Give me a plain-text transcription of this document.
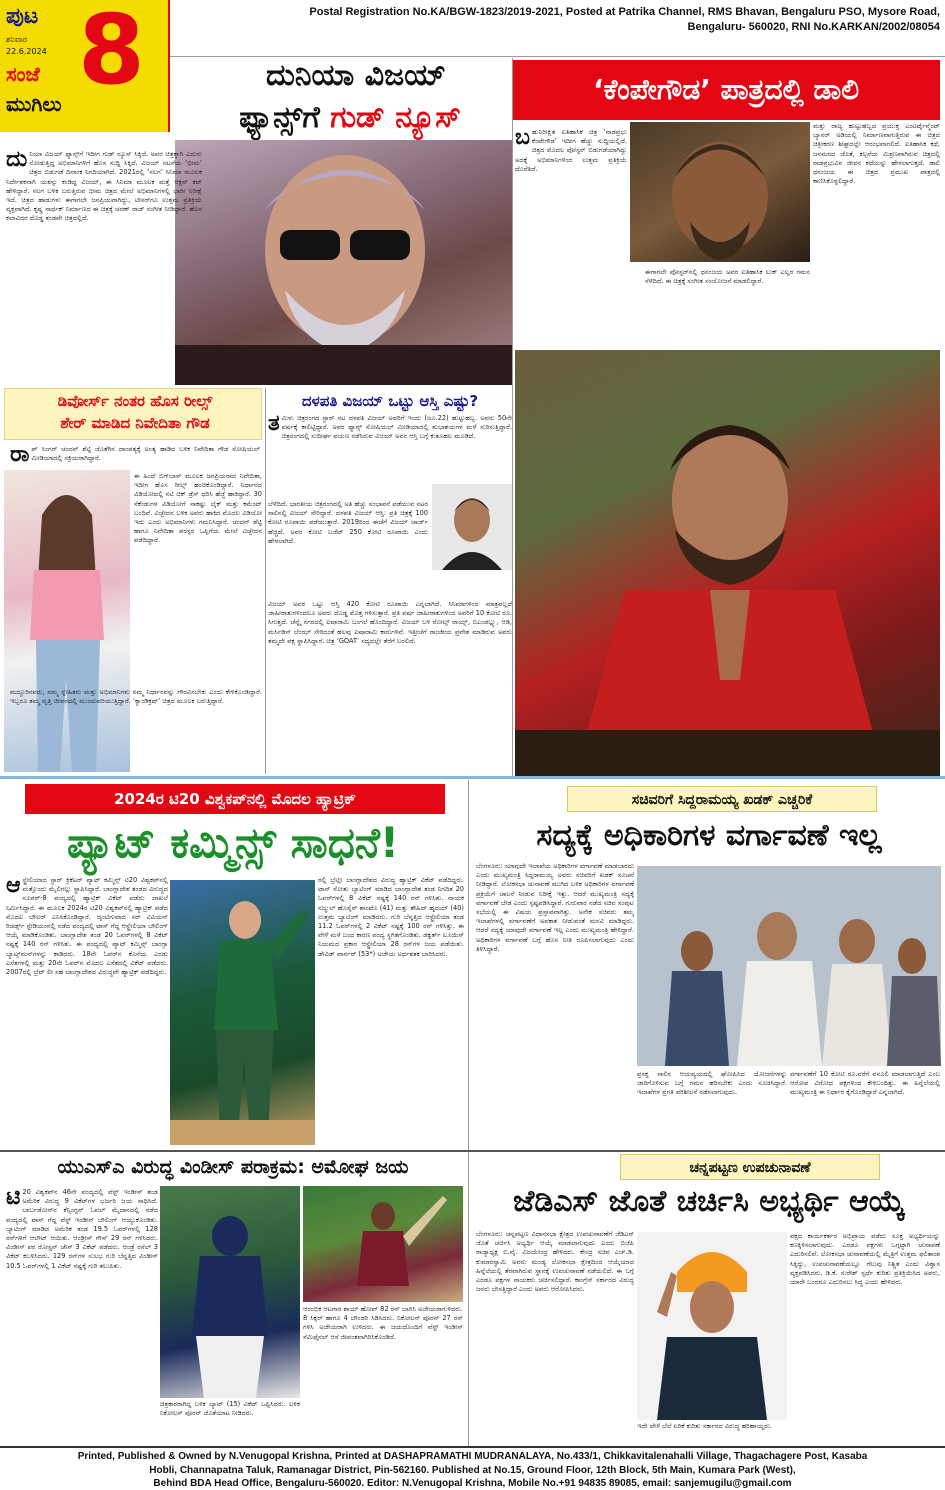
ಪುಟ
ಶನಿವಾರ
22.6.2024 8
ಸಂಜೆ
ಮುಗಿಲು
Postal Registration No.KA/BGW-1823/2019-2021, Posted at Patrika Channel, RMS Bhavan, Bengaluru PSO, Mysore Road,
Bengaluru- 560020, RNI No.KARKAN/2002/08054
ದುನಿಯಾ ವಿಜಯ್
ಫ್ಯಾನ್ಸ್‌ಗೆ ಗುಡ್ ನ್ಯೂಸ್
ದು ನಿಯಾ ವಿಜಯ್ ಫ್ಯಾನ್ಸ್‌ಗೆ ಇದೀಗ ಗುಡ್ ನ್ಯೂಸ್ ಸಿಕ್ಕಿದೆ. ಅವರ ಚಿತ್ರಕ್ಕಾಗಿ ಎದುರು ನೋಡುತ್ತಿದ್ದ ಅಭಿಮಾನಿಗಳಿಗೆ ಹೊಸ ಸುದ್ದಿ ಸಿಕ್ಕಿದೆ. ವಿಜಯ್ ನಟನೆಯ ‘ಭೀಮ’ ಚಿತ್ರದ ಬಿಡುಗಡೆ ದಿನಾಂಕ ನಿಗದಿಯಾಗಿದೆ. 2021ರಲ್ಲಿ ‘ಸಲಗ’ ಸಿನಿಮಾ ಮೂಲಕ ನಿರ್ದೇಶಕನಾಗಿ ಯಶಸ್ಸು ಕಂಡಿದ್ದ ವಿಜಯ್, ಈ ಸಿನಿಮಾ ಮೂಲಕ ಮತ್ತೆ ಆಕ್ಷನ್ ಕಟ್ ಹೇಳಿದ್ದಾರೆ. ಸಲಗ ಬಳಿಕ ಬರುತ್ತಿರುವ ಭೀಮ ಚಿತ್ರದ ಮೇಲೆ ಅಭಿಮಾನಿಗಳಲ್ಲಿ ಭಾರೀ ನಿರೀಕ್ಷೆ ಇದೆ. ಚಿತ್ರದ ಹಾಡುಗಳು ಈಗಾಗಲೇ ಜನಪ್ರಿಯವಾಗಿದ್ದು, ಟೀಸರ್‌ಗೂ ಉತ್ತಮ ಪ್ರತಿಕ್ರಿಯೆ ವ್ಯಕ್ತವಾಗಿದೆ. ಕೃಷ್ಣ ಸಾರ್ಥಕ್ ನಿರ್ಮಾಣದ ಈ ಚಿತ್ರಕ್ಕೆ ಚರಣ್ ರಾಜ್ ಸಂಗೀತ ನೀಡಿದ್ದಾರೆ. ಹೊಸ ಕಲಾವಿದರ ದೊಡ್ಡ ತಂಡವೇ ಚಿತ್ರದಲ್ಲಿದೆ.
‘ಕೆಂಪೇಗೌಡ’ ಪಾತ್ರದಲ್ಲಿ ಡಾಲಿ
ಬ ಹುನಿರೀಕ್ಷಿತ ಐತಿಹಾಸಿಕ ಚಿತ್ರ ‘ನಾಡಪ್ರಭು ಕೆಂಪೇಗೌಡ’ ಇದೀಗ ಹೆಚ್ಚು ಸುದ್ದಿಯಲ್ಲಿದೆ. ಚಿತ್ರದ ಮೊದಲ ಪೋಸ್ಟರ್ ಬಿಡುಗಡೆಯಾಗಿದ್ದು ಅದಕ್ಕೆ ಅಭಿಮಾನಿಗಳಿಂದ ಉತ್ತಮ ಪ್ರತಿಕ್ರಿಯೆ ದೊರೆತಿದೆ.
ಮತ್ತು ರಾಜ್ಯ ಹುಟ್ಟುಹಬ್ಬದ ಪ್ರಯುಕ್ತ ಎಂಟರ್ಟೈನ್ಮೆಂಟ್ ಬ್ಯಾನರ್ ಅಡಿಯಲ್ಲಿ ನಿರ್ಮಾಣವಾಗುತ್ತಿರುವ ಈ ಚಿತ್ರದ ಚಿತ್ರೀಕರಣ ಶೀಘ್ರದಲ್ಲೇ ಆರಂಭವಾಗಲಿದೆ. ಐತಿಹಾಸಿಕ ಕಥೆ, ಜನಮನದ ಜೊತೆ, ಕಲ್ಪನೆಯ ಮಿಶ್ರಣವಾಗಿರುವ ಚಿತ್ರದಲ್ಲಿ ನಾಡಪ್ರಭುವಿನ ಜೀವನ ಕಥೆಯನ್ನು ಹೇಳಲಾಗುತ್ತದೆ. ಡಾಲಿ ಧನಂಜಯ ಈ ಚಿತ್ರದ ಪ್ರಮುಖ ಪಾತ್ರದಲ್ಲಿ ಕಾಣಿಸಿಕೊಳ್ಳಲಿದ್ದಾರೆ.
ಈಗಾಗಲೇ ಪೋಸ್ಟರ್‌ನಲ್ಲಿ ಧನಂಜಯ ಅವರ ಐತಿಹಾಸಿಕ ಲುಕ್ ಎಲ್ಲರ ಗಮನ ಸೆಳೆದಿದೆ. ಈ ಚಿತ್ರಕ್ಕೆ ಸಂಗೀತ ಸಂಯೋಜನೆ ಮಾಡಲಿದ್ದಾರೆ.
ಡಿವೋರ್ಸ್ ನಂತರ ಹೊಸ ರೀಲ್ಸ್
ಶೇರ್ ಮಾಡಿದ ನಿವೇದಿತಾ ಗೌಡ
ರಾ ಪ್ ಸಿಂಗರ್ ಚಂದನ್ ಶೆಟ್ಟಿ ಜೊತೆಗಿನ ದಾಂಪತ್ಯಕ್ಕೆ ಅಂತ್ಯ ಹಾಡಿದ ಬಳಿಕ ನಿವೇದಿತಾ ಗೌಡ ಸೋಷಿಯಲ್ ಮೀಡಿಯಾದಲ್ಲಿ ಸಕ್ರಿಯರಾಗಿದ್ದಾರೆ.
ಈ ಹಿಂದೆ ಬಿಗ್‌ಬಾಸ್ ಮೂಲಕ ಜನಪ್ರಿಯರಾದ ನಿವೇದಿತಾ, ಇದೀಗ ಹೊಸ ರೀಲ್ಸ್ ಹಂಚಿಕೊಂಡಿದ್ದಾರೆ. ನಿರ್ಧಾರದ ವಿಡಿಯೋದಲ್ಲಿ ನಟಿ ಚಿಕ್ ಡ್ರೆಸ್ ಧರಿಸಿ ಹೆಜ್ಜೆ ಹಾಕಿದ್ದಾರೆ. 30 ಸೆಕೆಂಡುಗಳ ವಿಡಿಯೋಗೆ ಸಾಕಷ್ಟು ಲೈಕ್ ಮತ್ತು ಕಮೆಂಟ್ ಬಂದಿವೆ. ವಿಚ್ಛೇದನ ಬಳಿಕ ಅವರು ಹಾಕಿದ ಮೊದಲ ವಿಡಿಯೋ ಇದು ಎಂದು ಅಭಿಮಾನಿಗಳು ಗಮನಿಸಿದ್ದಾರೆ. ಚಂದನ್ ಶೆಟ್ಟಿ ಹಾಗೂ ನಿವೇದಿತಾ ಪರಸ್ಪರ ಒಪ್ಪಿಗೆಯ ಮೇಲೆ ವಿಚ್ಛೇದನ ಪಡೆದಿದ್ದಾರೆ.
ಮದ್ದೂರಿನವರು, ನಮ್ಮ ಸ್ನೇಹಿತರು ಮತ್ತು ಅಭಿಮಾನಿಗಳು ನಮ್ಮ ನಿರ್ಧಾರವನ್ನು ಗೌರವಿಸಬೇಕು ಎಂದು ಕೇಳಿಕೊಂಡಿದ್ದಾರೆ. ಇಬ್ಬರೂ ತಮ್ಮ ವೃತ್ತಿ ಜೀವನದಲ್ಲಿ ಮುಂದುವರಿಯುತ್ತಿದ್ದಾರೆ. ‘ಕ್ಯಾಂಡಿಕ್ರಷ್’ ಚಿತ್ರದ ಮೂಲಕ ಬರುತ್ತಿದ್ದಾರೆ.
ದಳಪತಿ ವಿಜಯ್ ಒಟ್ಟು ಆಸ್ತಿ ಎಷ್ಟು?
ತ ಮಿಳು ಚಿತ್ರರಂಗದ ಸ್ಟಾರ್ ನಟ ದಳಪತಿ ವಿಜಯ್ ಅವರಿಗೆ ಇಂದು (ಜೂ.22) ಹುಟ್ಟುಹಬ್ಬ. ಅವರು 50ನೇ ವರ್ಷಕ್ಕೆ ಕಾಲಿಟ್ಟಿದ್ದಾರೆ. ಅವರ ಫ್ಯಾನ್ಸ್ ಸೋಷಿಯಲ್ ಮೀಡಿಯಾದಲ್ಲಿ ಶುಭಾಶಯಗಳ ಮಳೆ ಸುರಿಸುತ್ತಿದ್ದಾರೆ. ಚಿತ್ರರಂಗದಲ್ಲಿ ಸುದೀರ್ಘ ಪಯಣ ನಡೆಸಿರುವ ವಿಜಯ್ ಅವರ ಆಸ್ತಿ ಬಗ್ಗೆ ಕುತೂಹಲ ಮೂಡಿದೆ.
ಬೆಳೆದಿದೆ. ಭಾರತೀಯ ಚಿತ್ರರಂಗದಲ್ಲಿ ಅತಿ ಹೆಚ್ಚು ಸಂಭಾವನೆ ಪಡೆಯುವ ನಟರ ಸಾಲಿನಲ್ಲಿ ವಿಜಯ್ ಸೇರಿದ್ದಾರೆ. ದಳಪತಿ ವಿಜಯ್ ಆಸ್ತಿ: ಪ್ರತಿ ಚಿತ್ರಕ್ಕೆ 100 ಕೋಟಿ ರೂಪಾಯಿ ಪಡೆಯುತ್ತಾರೆ. 2019ರಿಂದ ಈಚೆಗೆ ವಿಜಯ್ ಚಾರ್ಜ್ ಹೆಚ್ಚಿದೆ. ಅವರ ಕೋಟಿ ಬಜೆಟ್ 250 ಕೋಟಿ ರೂಪಾಯಿ ಎಂದು ಹೇಳಲಾಗಿದೆ.
ವಿಜಯ್ ಅವರ ಒಟ್ಟು ಆಸ್ತಿ 420 ಕೋಟಿ ರೂಪಾಯಿ ಎನ್ನಲಾಗಿದೆ. ಸಿನಿಮಾಗಳಿಂದ ಮಾತ್ರವಲ್ಲದೆ ಜಾಹೀರಾತುಗಳಿಂದಲೂ ಅವರು ದೊಡ್ಡ ಮೊತ್ತ ಗಳಿಸುತ್ತಾರೆ. ಪ್ರತಿ ವರ್ಷ ಜಾಹೀರಾತುಗಳಿಂದ ಅವರಿಗೆ 10 ಕೋಟಿ ರೂ. ಸಿಗುತ್ತದೆ. ಚೆನ್ನೈ ನಗರದಲ್ಲಿ ಐಷಾರಾಮಿ ಬಂಗಲೆ ಹೊಂದಿದ್ದಾರೆ. ವಿಜಯ್ ಬಳಿ ರೋಲ್ಸ್ ರಾಯ್ಸ್, ಬಿಎಂಡಬ್ಲ್ಯು, ಆಡಿ, ಮರ್ಸಿಡಿಸ್ ಬೆಂಝ್ ಸೇರಿದಂತೆ ಹಲವು ಐಷಾರಾಮಿ ಕಾರುಗಳಿವೆ. ಇತ್ತೀಚೆಗೆ ರಾಜಕೀಯ ಪ್ರವೇಶ ಮಾಡಿರುವ ಅವರು ತಮ್ಮದೇ ಪಕ್ಷ ಸ್ಥಾಪಿಸಿದ್ದಾರೆ. ಚಿತ್ರ ‘GOAT’ ಸದ್ಯದಲ್ಲೇ ತೆರೆಗೆ ಬರಲಿದೆ.
2024ರ ಟಿ20 ವಿಶ್ವಕಪ್‌ನಲ್ಲಿ ಮೊದಲ ಹ್ಯಾಟ್ರಿಕ್
ಪ್ಯಾಟ್ ಕಮ್ಮಿನ್ಸ್ ಸಾಧನೆ!
ಆ ಸ್ಟ್ರೇಲಿಯಾದ ಸ್ಟಾರ್ ಕ್ರಿಕೆಟರ್ ಪ್ಯಾಟ್ ಕಮ್ಮಿನ್ಸ್ ಟಿ20 ವಿಶ್ವಕಪ್‌ನಲ್ಲಿ ಮತ್ತೊಂದು ಮೈಲಿಗಲ್ಲು ಸ್ಥಾಪಿಸಿದ್ದಾರೆ. ಬಾಂಗ್ಲಾದೇಶ ತಂಡದ ವಿರುದ್ಧದ ಸೂಪರ್-8 ಪಂದ್ಯದಲ್ಲಿ ಹ್ಯಾಟ್ರಿಕ್ ವಿಕೆಟ್ ಪಡೆದು ದಾಖಲೆ ನಿರ್ಮಿಸಿದ್ದಾರೆ. ಈ ಮೂಲಕ 2024ರ ಟಿ20 ವಿಶ್ವಕಪ್‌ನಲ್ಲಿ ಹ್ಯಾಟ್ರಿಕ್ ಪಡೆದ ಮೊದಲ ಬೌಲರ್ ಎನಿಸಿಕೊಂಡಿದ್ದಾರೆ. ಆ್ಯಂಟಿಗುವಾದ ಸರ್ ವಿವಿಯನ್ ರಿಚರ್ಡ್ಸ್ ಸ್ಟೇಡಿಯಂನಲ್ಲಿ ನಡೆದ ಪಂದ್ಯದಲ್ಲಿ ಟಾಸ್ ಗೆದ್ದ ಆಸ್ಟ್ರೇಲಿಯಾ ಬೌಲಿಂಗ್ ಆಯ್ಕೆ ಮಾಡಿಕೊಂಡಿತು. ಬಾಂಗ್ಲಾದೇಶ ತಂಡ 20 ಓವರ್‌ಗಳಲ್ಲಿ 8 ವಿಕೆಟ್ ನಷ್ಟಕ್ಕೆ 140 ರನ್ ಗಳಿಸಿತು. ಈ ಪಂದ್ಯದಲ್ಲಿ ಪ್ಯಾಟ್ ಕಮ್ಮಿನ್ಸ್ ಬಾಂಗ್ಲಾ ಬ್ಯಾಟ್ಸ್‌ಮನ್‌ಗಳನ್ನು ಕಾಡಿದರು. 18ನೇ ಓವರ್‌ನ ಕೊನೆಯ ಎರಡು ಎಸೆತಗಳಲ್ಲಿ ಮತ್ತು 20ನೇ ಓವರ್‌ನ ಮೊದಲ ಎಸೆತದಲ್ಲಿ ವಿಕೆಟ್ ಪಡೆದರು. 2007ರಲ್ಲಿ ಬ್ರೆಟ್ ಲೀ ಸಹ ಬಾಂಗ್ಲಾದೇಶದ ವಿರುದ್ಧವೇ ಹ್ಯಾಟ್ರಿಕ್ ಪಡೆದಿದ್ದರು.
ರಲ್ಲಿ ಬ್ರೆಟ್ಲೀ ಬಾಂಗ್ಲಾದೇಶದ ವಿರುದ್ಧ ಹ್ಯಾಟ್ರಿಕ್ ವಿಕೆಟ್ ಪಡೆದಿದ್ದರು. ಟಾಸ್ ಸೋತು ಬ್ಯಾಟಿಂಗ್ ಮಾಡಿದ ಬಾಂಗ್ಲಾದೇಶ ತಂಡ ನಿಗದಿತ 20 ಓವರ್‌ಗಳಲ್ಲಿ 8 ವಿಕೆಟ್ ನಷ್ಟಕ್ಕೆ 140 ರನ್ ಗಳಿಸಿತು. ನಾಯಕ ನಜ್ಮುಲ್ ಹೊಸೈನ್ ಶಾಂಟೊ (41) ಮತ್ತು ತೌಹಿದ್ ಹೃದಯ್ (40) ಉತ್ತಮ ಬ್ಯಾಟಿಂಗ್ ಮಾಡಿದರು. ಗುರಿ ಬೆನ್ನತ್ತಿದ ಆಸ್ಟ್ರೇಲಿಯಾ ತಂಡ 11.2 ಓವರ್‌ಗಳಲ್ಲಿ 2 ವಿಕೆಟ್ ನಷ್ಟಕ್ಕೆ 100 ರನ್ ಗಳಿಸಿತ್ತು. ಈ ವೇಳೆ ಮಳೆ ಬಂದ ಕಾರಣ ಪಂದ್ಯ ಸ್ಥಗಿತಗೊಂಡಿತು. ಡಕ್ವರ್ತ್ ಲೂಯಿಸ್ ನಿಯಮದ ಪ್ರಕಾರ ಆಸ್ಟ್ರೇಲಿಯಾ 28 ರನ್‌ಗಳ ಜಯ ಪಡೆಯಿತು. ಡೇವಿಡ್ ವಾರ್ನರ್ (53*) ಅಜೇಯ ಅರ್ಧಶತಕ ಬಾರಿಸಿದರು.
ಸಚಿವರಿಗೆ ಸಿದ್ದರಾಮಯ್ಯ ಖಡಕ್ ಎಚ್ಚರಿಕೆ
ಸದ್ಯಕ್ಕೆ ಅಧಿಕಾರಿಗಳ ವರ್ಗಾವಣೆ ಇಲ್ಲ
ಬೆಂಗಳೂರು: ಯಾವುದೇ ಇಲಾಖೆಯ ಅಧಿಕಾರಿಗಳ ವರ್ಗಾವಣೆ ಮಾಡಬಾರದು ಎಂದು ಮುಖ್ಯಮಂತ್ರಿ ಸಿದ್ದರಾಮಯ್ಯ ಅವರು ಸಚಿವರಿಗೆ ಖಡಕ್ ಸೂಚನೆ ನೀಡಿದ್ದಾರೆ. ಲೋಕಸಭಾ ಚುನಾವಣೆ ಮುಗಿದ ಬಳಿಕ ಅಧಿಕಾರಿಗಳ ವರ್ಗಾವಣೆ ಪ್ರಕ್ರಿಯೆಗೆ ಚಾಲನೆ ನೀಡುವ ನಿರೀಕ್ಷೆ ಇತ್ತು. ಆದರೆ ಮುಖ್ಯಮಂತ್ರಿ ಸದ್ಯಕ್ಕೆ ವರ್ಗಾವಣೆ ಬೇಡ ಎಂದು ಸ್ಪಷ್ಟಪಡಿಸಿದ್ದಾರೆ. ಗುರುವಾರ ನಡೆದ ಸಚಿವ ಸಂಪುಟ ಸಭೆಯಲ್ಲಿ ಈ ವಿಷಯ ಪ್ರಸ್ತಾಪವಾಗಿತ್ತು. ಅನೇಕ ಸಚಿವರು ತಮ್ಮ ಇಲಾಖೆಗಳಲ್ಲಿ ವರ್ಗಾವಣೆಗೆ ಅವಕಾಶ ನೀಡುವಂತೆ ಮನವಿ ಮಾಡಿದ್ದರು. ಆದರೆ ಸದ್ಯಕ್ಕೆ ಯಾವುದೇ ವರ್ಗಾವಣೆ ಇಲ್ಲ ಎಂದು ಮುಖ್ಯಮಂತ್ರಿ ಹೇಳಿದ್ದಾರೆ. ಅಧಿಕಾರಿಗಳ ವರ್ಗಾವಣೆ ಬಗ್ಗೆ ಹೊಸ ನೀತಿ ರೂಪಿಸಲಾಗುವುದು ಎಂದು ತಿಳಿಸಿದ್ದಾರೆ.
ಪ್ರಸಕ್ತ ಸಾಲಿನ ಆಯವ್ಯಯದಲ್ಲಿ ಘೋಷಿಸಿದ ಯೋಜನೆಗಳನ್ನು ಜಾರಿಗೊಳಿಸುವ ಬಗ್ಗೆ ಗಮನ ಹರಿಸಬೇಕು ಎಂದು ಸೂಚಿಸಿದ್ದಾರೆ. ಇಲಾಖೆಗಳ ಪ್ರಗತಿ ಪರಿಶೀಲನೆ ನಡೆಸಲಾಗುವುದು.
ವರ್ಗಾವಣೆಗೆ 10 ಕೋಟಿ ರೂ.ವರೆಗೆ ವಸೂಲಿ ಮಾಡಲಾಗುತ್ತಿದೆ ಎಂಬ ಆರೋಪ ವಿರೋಧ ಪಕ್ಷಗಳಿಂದ ಕೇಳಿಬಂದಿತ್ತು. ಈ ಹಿನ್ನೆಲೆಯಲ್ಲಿ ಮುಖ್ಯಮಂತ್ರಿ ಈ ನಿರ್ಧಾರ ಕೈಗೊಂಡಿದ್ದಾರೆ ಎನ್ನಲಾಗಿದೆ.
ಯುಎಸ್‌ಎ ವಿರುದ್ಧ ವಿಂಡೀಸ್ ಪರಾಕ್ರಮ: ಅಮೋಘ ಜಯ
ಟಿ 20 ವಿಶ್ವಕಪ್‌ನ 46ನೇ ಪಂದ್ಯದಲ್ಲಿ ವೆಸ್ಟ್ ಇಂಡೀಸ್ ತಂಡ ಅಮೆರಿಕ ವಿರುದ್ಧ 9 ವಿಕೆಟ್‌ಗಳ ಭರ್ಜರಿ ಜಯ ಸಾಧಿಸಿದೆ. ಬಾರ್ಬಡೋಸ್‌ನ ಕೆನ್ಸಿಂಗ್ಟನ್ ಓವಲ್ ಮೈದಾನದಲ್ಲಿ ನಡೆದ ಪಂದ್ಯದಲ್ಲಿ ಟಾಸ್ ಗೆದ್ದ ವೆಸ್ಟ್ ಇಂಡೀಸ್ ಬೌಲಿಂಗ್ ಆಯ್ದುಕೊಂಡಿತು. ಬ್ಯಾಟಿಂಗ್ ಮಾಡಿದ ಅಮೆರಿಕ ತಂಡ 19.5 ಓವರ್‌ಗಳಲ್ಲಿ 128 ರನ್‌ಗಳಿಗೆ ಆಲೌಟ್ ಆಯಿತು. ಆಂಡ್ರೀಸ್ ಗೌಸ್ 29 ರನ್ ಗಳಿಸಿದರು. ವಿಂಡೀಸ್ ಪರ ರೋಸ್ಟನ್ ಚೇಸ್ 3 ವಿಕೆಟ್ ಪಡೆದರು. ಆಂಡ್ರೆ ರಸೆಲ್ 3 ವಿಕೆಟ್ ಕಬಳಿಸಿದರು. 129 ರನ್‌ಗಳ ಸುಲಭ ಗುರಿ ಬೆನ್ನತ್ತಿದ ವಿಂಡೀಸ್ 10.5 ಓವರ್‌ಗಳಲ್ಲಿ 1 ವಿಕೆಟ್ ನಷ್ಟಕ್ಕೆ ಗುರಿ ತಲುಪಿತು.
ಚಿತ್ರಕಾರರಾಗಿದ್ದ ಬಳಿಕ ಬ್ಯಾಟ್ (15) ವಿಕೆಟ್ ಒಪ್ಪಿಸಿದರು. ಬಳಿಕ ನಿಕೋಲಸ್ ಪೂರನ್ ಜೊತೆಯಾಟ ನೀಡಿದರು.
ಆರಂಭಿಕ ಆಟಗಾರ ಶಾಯ್ ಹೋಪ್ 82 ರನ್ ಬಾರಿಸಿ ಅಜೇಯರಾಗುಳಿದರು. 8 ಸಿಕ್ಸರ್ ಹಾಗೂ 4 ಬೌಂಡರಿ ಸಿಡಿಸಿದರು. ನಿಕೋಲಸ್ ಪೂರನ್ 27 ರನ್ ಗಳಿಸಿ ಅಜೇಯರಾಗಿ ಉಳಿದರು. ಈ ಜಯದೊಂದಿಗೆ ವೆಸ್ಟ್ ಇಂಡೀಸ್ ಸೆಮಿಫೈನಲ್ ಆಸೆ ಜೀವಂತವಾಗಿರಿಸಿಕೊಂಡಿದೆ.
ಚನ್ನಪಟ್ಟಣ ಉಪಚುನಾವಣೆ
ಜೆಡಿಎಸ್ ಜೊತೆ ಚರ್ಚಿಸಿ ಅಭ್ಯರ್ಥಿ ಆಯ್ಕೆ
ಬೆಂಗಳೂರು: ಚನ್ನಪಟ್ಟಣ ವಿಧಾನಸಭಾ ಕ್ಷೇತ್ರದ ಉಪಚುನಾವಣೆಗೆ ಜೆಡಿಎಸ್ ಜೊತೆ ಚರ್ಚಿಸಿ ಅಭ್ಯರ್ಥಿ ಆಯ್ಕೆ ಮಾಡಲಾಗುವುದು ಎಂದು ಬಿಜೆಪಿ ರಾಜ್ಯಾಧ್ಯಕ್ಷ ಬಿ.ವೈ. ವಿಜಯೇಂದ್ರ ಹೇಳಿದರು. ಕೇಂದ್ರ ಸಚಿವ ಎಚ್.ಡಿ. ಕುಮಾರಸ್ವಾಮಿ ಅವರು ಮಂಡ್ಯ ಲೋಕಸಭಾ ಕ್ಷೇತ್ರದಿಂದ ಆಯ್ಕೆಯಾದ ಹಿನ್ನೆಲೆಯಲ್ಲಿ ತೆರವಾಗಿರುವ ಸ್ಥಾನಕ್ಕೆ ಉಪಚುನಾವಣೆ ನಡೆಯಲಿದೆ. ಈ ಬಗ್ಗೆ ಎರಡೂ ಪಕ್ಷಗಳ ನಾಯಕರು ಚರ್ಚಿಸಲಿದ್ದಾರೆ. ಕಾಂಗ್ರೆಸ್ ಸರ್ಕಾರದ ವಿರುದ್ಧ ಜನರು ಬೇಸತ್ತಿದ್ದಾರೆ ಎಂದು ಅವರು ಆರೋಪಿಸಿದರು.
ಇದೇ ವೇಳೆ ಬೆಲೆ ಏರಿಕೆ ಕುರಿತು ಸರ್ಕಾರದ ವಿರುದ್ಧ ಹರಿಹಾಯ್ದರು.
ಪಕ್ಷದ ಕಾರ್ಯಕರ್ತರ ಅಭಿಪ್ರಾಯ ಪಡೆದು ಸೂಕ್ತ ಅಭ್ಯರ್ಥಿಯನ್ನು ಕಣಕ್ಕಿಳಿಸಲಾಗುವುದು. ಎರಡೂ ಪಕ್ಷಗಳು ಒಗ್ಗಟ್ಟಾಗಿ ಚುನಾವಣೆ ಎದುರಿಸಲಿವೆ. ಲೋಕಸಭಾ ಚುನಾವಣೆಯಲ್ಲಿ ಮೈತ್ರಿಗೆ ಉತ್ತಮ ಫಲಿತಾಂಶ ಸಿಕ್ಕಿದ್ದು, ಉಪಚುನಾವಣೆಯಲ್ಲೂ ಗೆಲುವು ನಿಶ್ಚಿತ ಎಂದು ವಿಶ್ವಾಸ ವ್ಯಕ್ತಪಡಿಸಿದರು. ಡಿ.ಕೆ. ಸುರೇಶ್ ಸ್ಪರ್ಧೆ ಕುರಿತು ಪ್ರತಿಕ್ರಿಯಿಸಿದ ಅವರು, ಯಾರೇ ಬಂದರೂ ಎದುರಿಸಲು ಸಿದ್ಧ ಎಂದು ಹೇಳಿದರು.
Printed, Published & Owned by N.Venugopal Krishna, Printed at DASHAPRAMATHI MUDRANALAYA, No.433/1, Chikkavitalenahalli Village, Thagachagere Post, Kasaba
Hobli, Channapatna Taluk, Ramanagar District, Pin-562160. Published at No.15, Ground Floor, 12th Block, 5th Main, Kumara Park (West),
Behind BDA Head Office, Bengaluru-560020. Editor: N.Venugopal Krishna, Mobile No.+91 94835 89085, email: sanjemugilu@gmail.com
